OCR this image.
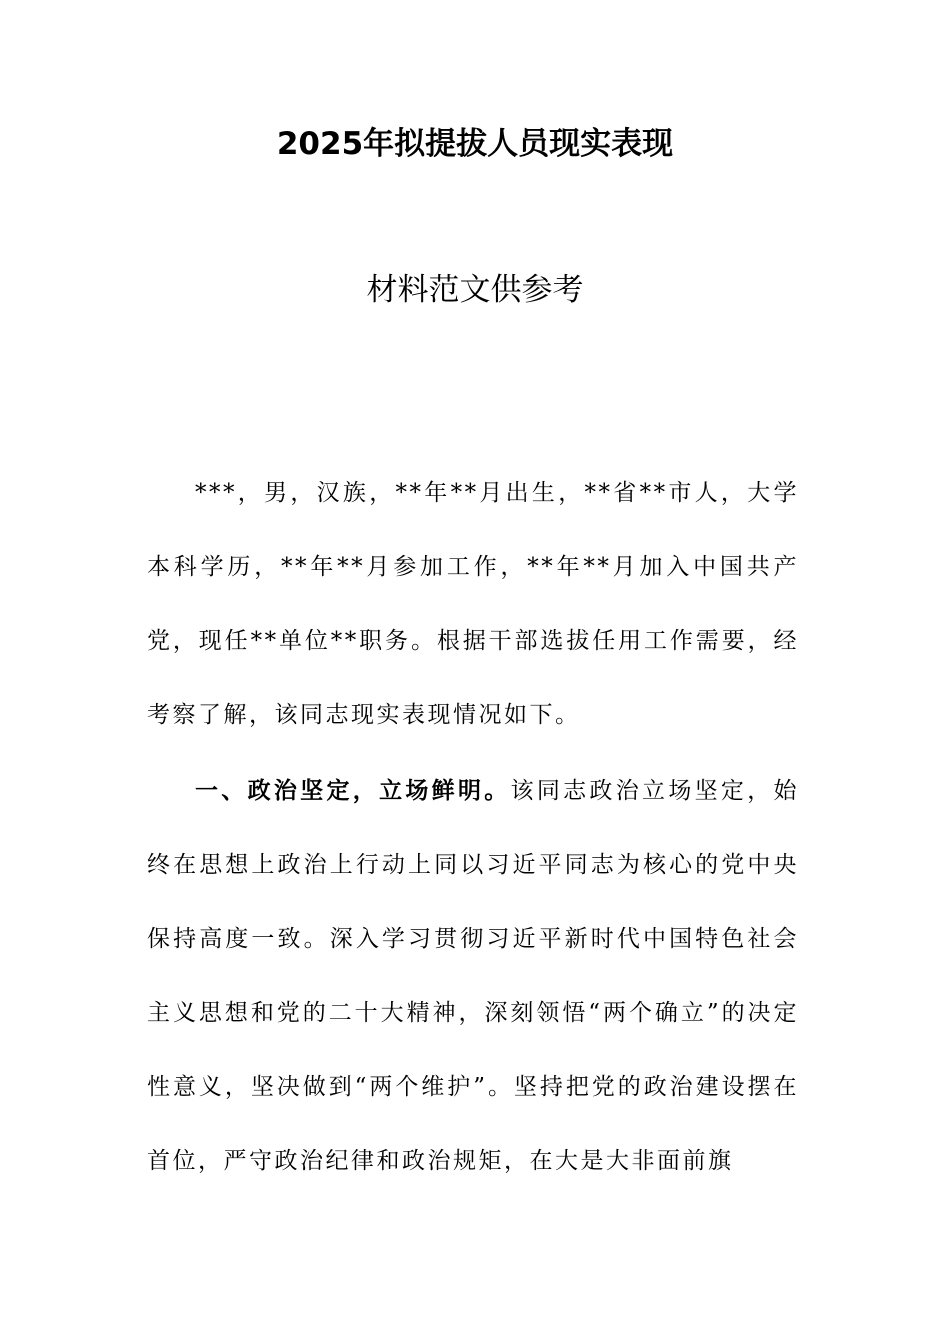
2025年拟提拔人员现实表现
材料范文供参考

***，男，汉族，**年**月出生，**省**市人，大学本科学历，**年**月参加工作，**年**月加入中国共产党，现任**单位**职务。根据干部选拔任用工作需要，经考察了解，该同志现实表现情况如下。

一、政治坚定，立场鲜明。该同志政治立场坚定，始终在思想上政治上行动上同以习近平同志为核心的党中央保持高度一致。深入学习贯彻习近平新时代中国特色社会主义思想和党的二十大精神，深刻领悟“两个确立”的决定性意义，坚决做到“两个维护”。坚持把党的政治建设摆在首位，严守政治纪律和政治规矩，在大是大非面前旗
